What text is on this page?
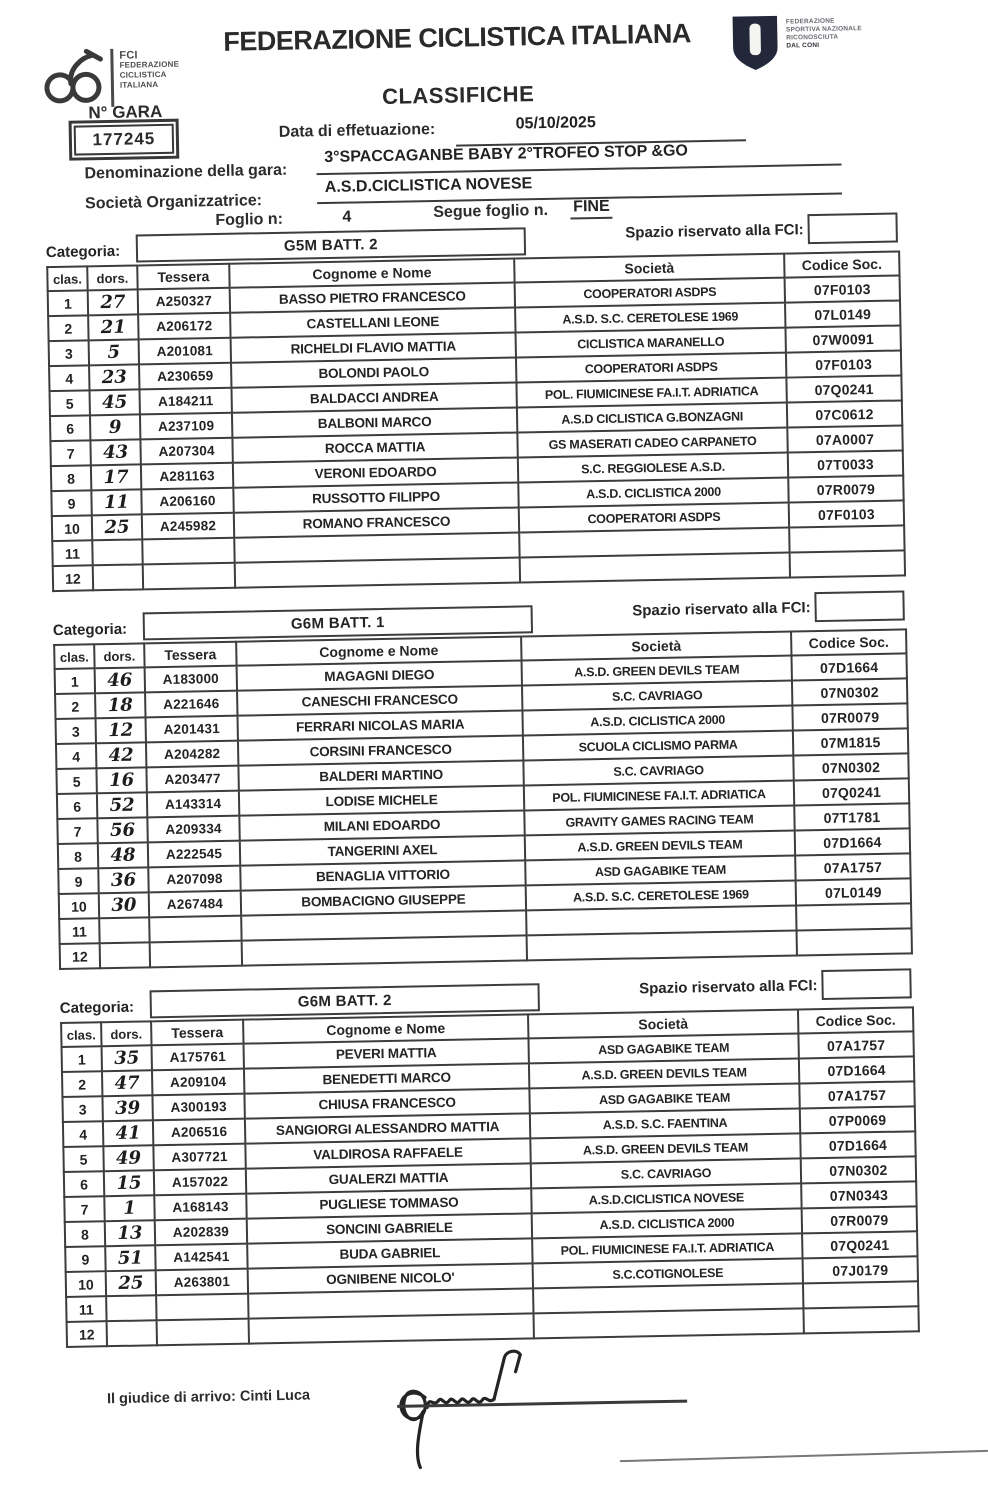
FCI
FEDERAZIONE
CICLISTICA
ITALIANA
N° GARA
177245
FEDERAZIONE CICLISTICA ITALIANA
CLASSIFICHE
FEDERAZIONE
SPORTIVA NAZIONALE
RICONOSCIUTA
DAL CONI
Data di effetuazione:	05/10/2025
Denominazione della gara:
3°SPACCAGANBE BABY 2°TROFEO STOP &GO
Società Organizzatrice:
A.S.D.CICLISTICA NOVESE
Foglio n:	4	Segue foglio n. FINE
Categoria:	G5M BATT. 2
Spazio riservato alla FCI:
clas.	dors.	Tessera	Cognome e Nome	Società	Codice Soc.
1	27	A250327	BASSO PIETRO FRANCESCO	COOPERATORI ASDPS	07F0103
2	21	A206172	CASTELLANI LEONE	A.S.D. S.C. CERETOLESE 1969	07L0149
3	5	A201081	RICHELDI FLAVIO MATTIA	CICLISTICA MARANELLO	07W0091
4	23	A230659	BOLONDI PAOLO	COOPERATORI ASDPS	07F0103
5	45	A184211	BALDACCI ANDREA	POL. FIUMICINESE FA.I.T. ADRIATICA	07Q0241
6	9	A237109	BALBONI MARCO	A.S.D CICLISTICA G.BONZAGNI	07C0612
7	43	A207304	ROCCA MATTIA	GS MASERATI CADEO CARPANETO	07A0007
8	17	A281163	VERONI EDOARDO	S.C. REGGIOLESE A.S.D.	07T0033
9	11	A206160	RUSSOTTO FILIPPO	A.S.D. CICLISTICA 2000	07R0079
10	25	A245982	ROMANO FRANCESCO	COOPERATORI ASDPS	07F0103
11					
12					
Categoria:	G6M BATT. 1
Spazio riservato alla FCI:
clas.	dors.	Tessera	Cognome e Nome	Società	Codice Soc.
1	46	A183000	MAGAGNI DIEGO	A.S.D. GREEN DEVILS TEAM	07D1664
2	18	A221646	CANESCHI FRANCESCO	S.C. CAVRIAGO	07N0302
3	12	A201431	FERRARI NICOLAS MARIA	A.S.D. CICLISTICA 2000	07R0079
4	42	A204282	CORSINI FRANCESCO	SCUOLA CICLISMO PARMA	07M1815
5	16	A203477	BALDERI MARTINO	S.C. CAVRIAGO	07N0302
6	52	A143314	LODISE MICHELE	POL. FIUMICINESE FA.I.T. ADRIATICA	07Q0241
7	56	A209334	MILANI EDOARDO	GRAVITY GAMES RACING TEAM	07T1781
8	48	A222545	TANGERINI AXEL	A.S.D. GREEN DEVILS TEAM	07D1664
9	36	A207098	BENAGLIA VITTORIO	ASD GAGABIKE TEAM	07A1757
10	30	A267484	BOMBACIGNO GIUSEPPE	A.S.D. S.C. CERETOLESE 1969	07L0149
11					
12					
Categoria:	G6M BATT. 2
Spazio riservato alla FCI:
clas.	dors.	Tessera	Cognome e Nome	Società	Codice Soc.
1	35	A175761	PEVERI MATTIA	ASD GAGABIKE TEAM	07A1757
2	47	A209104	BENEDETTI MARCO	A.S.D. GREEN DEVILS TEAM	07D1664
3	39	A300193	CHIUSA FRANCESCO	ASD GAGABIKE TEAM	07A1757
4	41	A206516	SANGIORGI ALESSANDRO MATTIA	A.S.D. S.C. FAENTINA	07P0069
5	49	A307721	VALDIROSA RAFFAELE	A.S.D. GREEN DEVILS TEAM	07D1664
6	15	A157022	GUALERZI MATTIA	S.C. CAVRIAGO	07N0302
7	1	A168143	PUGLIESE TOMMASO	A.S.D.CICLISTICA NOVESE	07N0343
8	13	A202839	SONCINI GABRIELE	A.S.D. CICLISTICA 2000	07R0079
9	51	A142541	BUDA GABRIEL	POL. FIUMICINESE FA.I.T. ADRIATICA	07Q0241
10	25	A263801	OGNIBENE NICOLO'	S.C.COTIGNOLESE	07J0179
11					
12					
Il giudice di arrivo: Cinti Luca
